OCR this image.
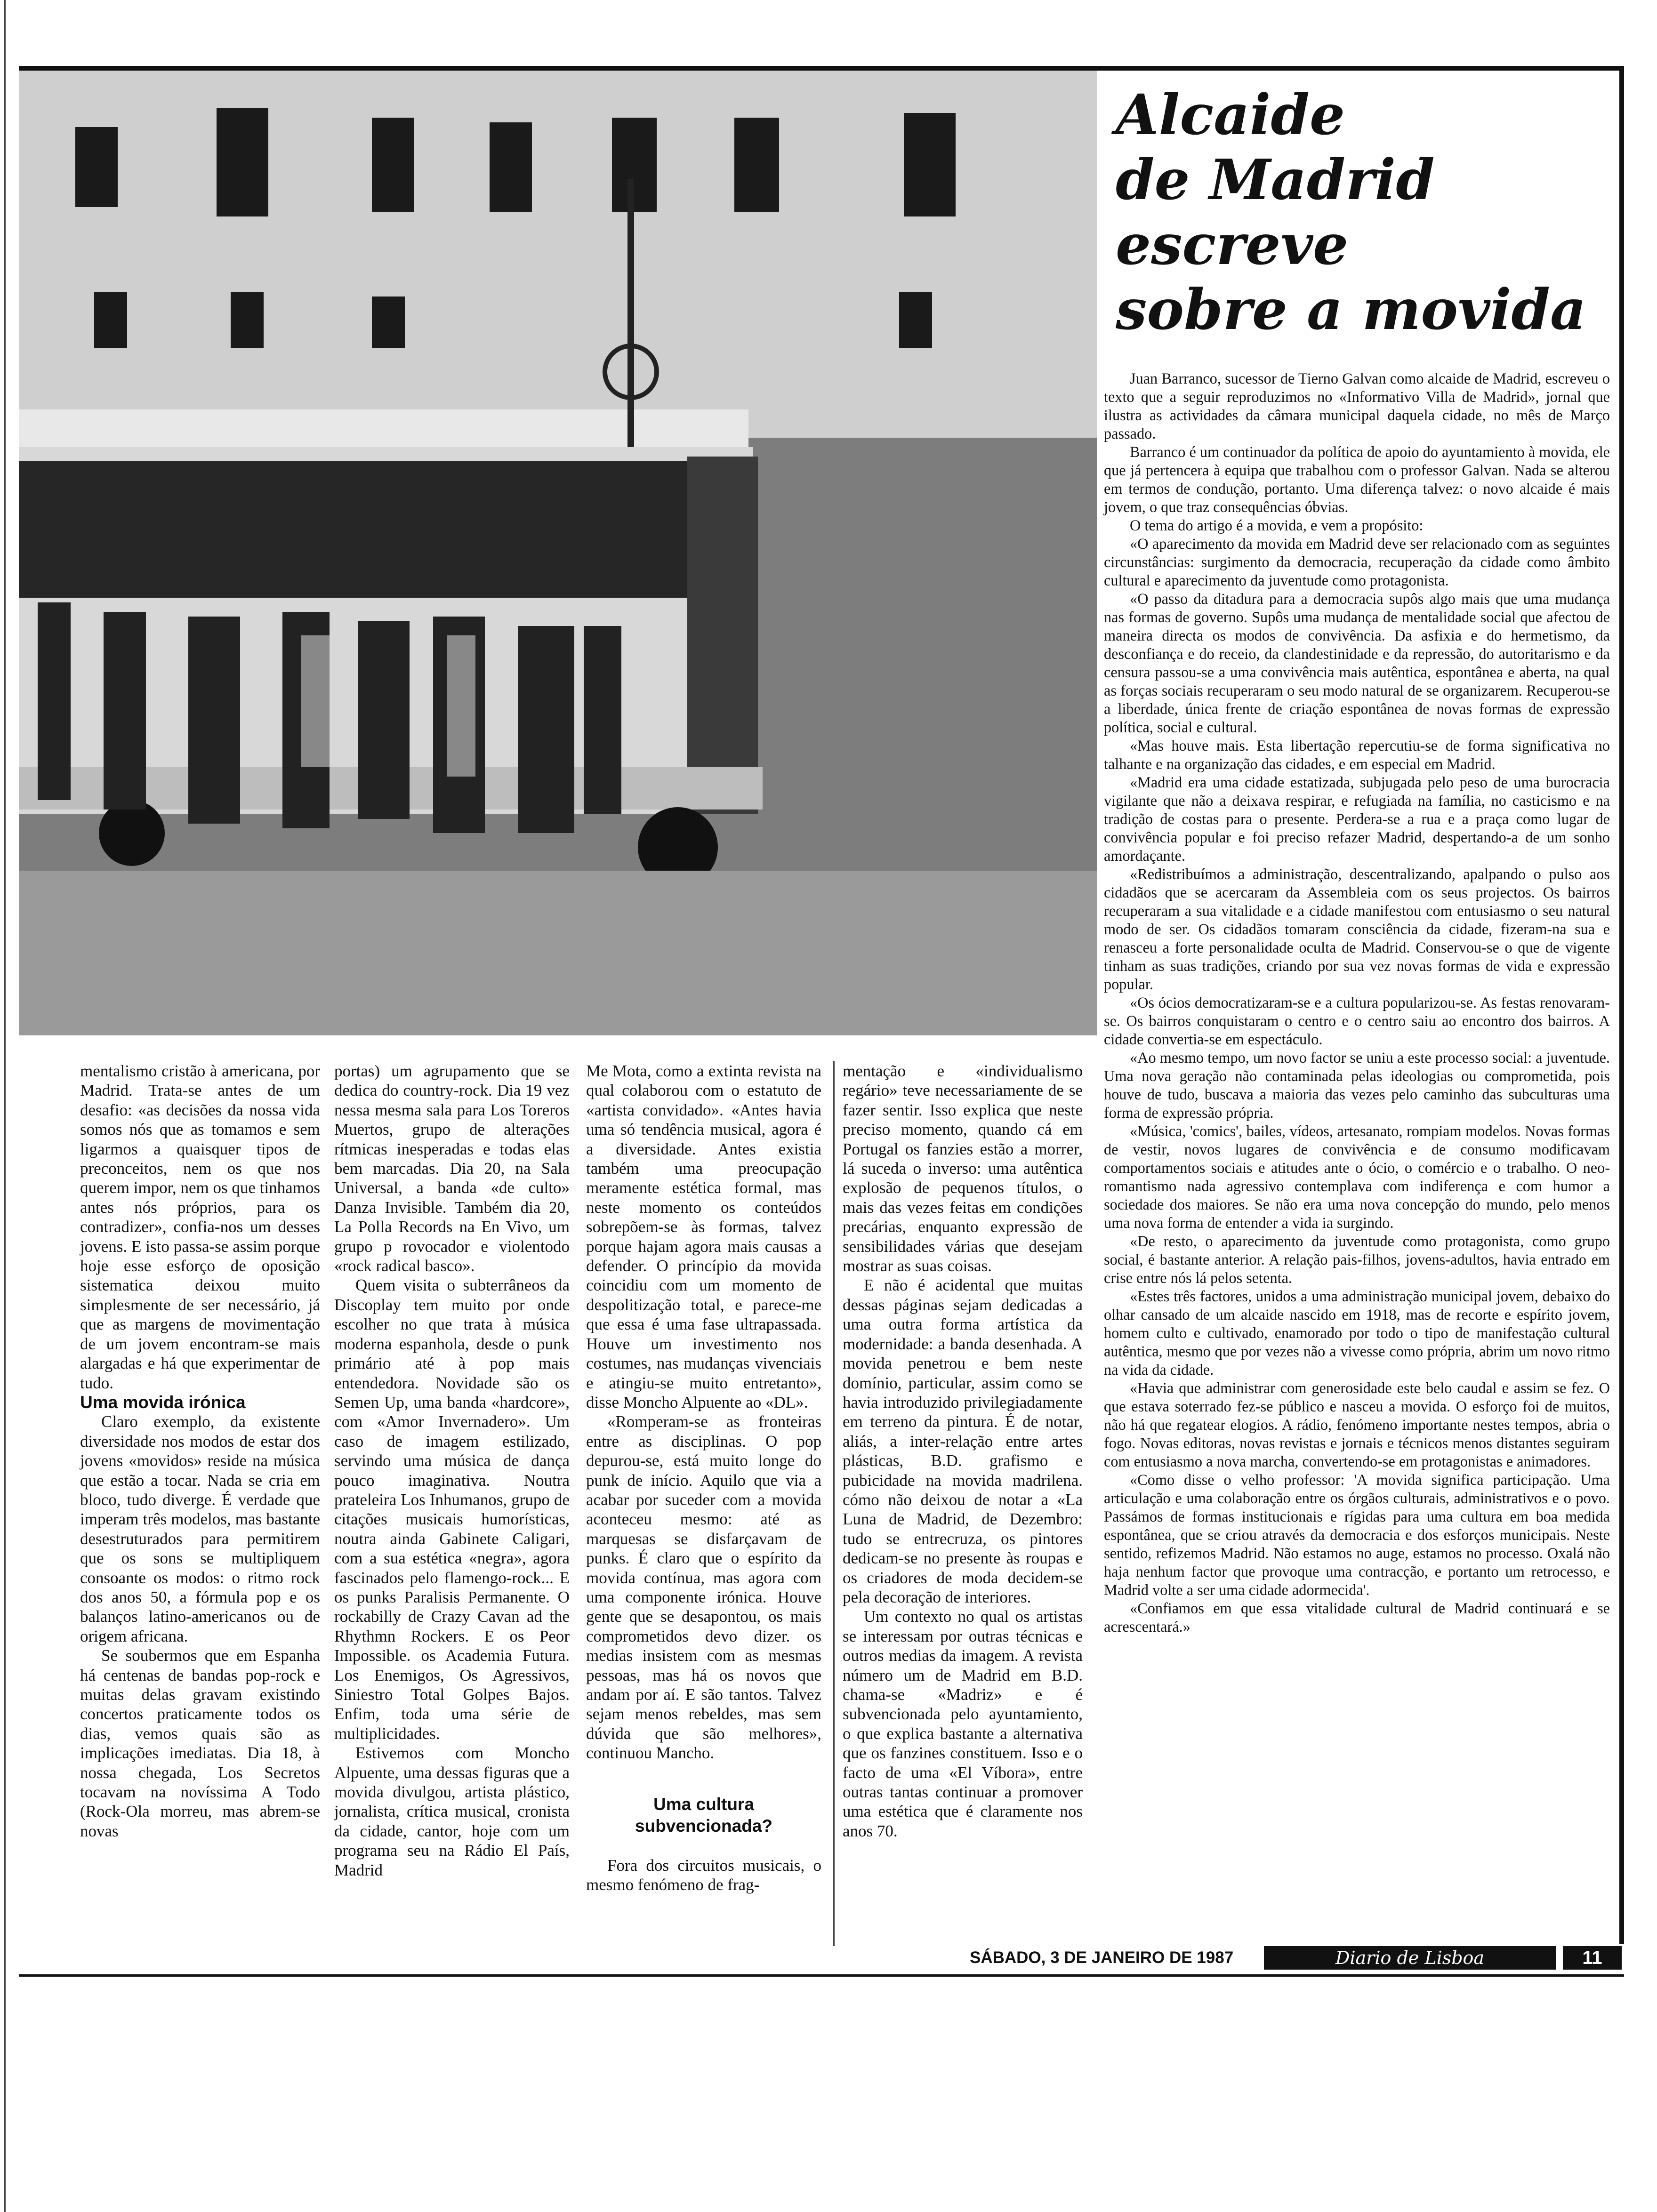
Alcaide
de Madrid
escreve
sobre a movida

Juan Barranco, sucessor de Tierno Galvan como alcaide de Madrid, escreveu o texto que a seguir reproduzimos no «Informativo Villa de Madrid», jornal que ilustra as actividades da câmara municipal daquela cidade, no mês de Março passado.

Barranco é um continuador da política de apoio do ayuntamiento à movida, ele que já pertencera à equipa que trabalhou com o professor Galvan. Nada se alterou em termos de condução, portanto. Uma diferença talvez: o novo alcaide é mais jovem, o que traz consequências óbvias.

O tema do artigo é a movida, e vem a propósito:

«O aparecimento da movida em Madrid deve ser relacionado com as seguintes circunstâncias: surgimento da democracia, recuperação da cidade como âmbito cultural e aparecimento da juventude como protagonista.

«O passo da ditadura para a democracia supôs algo mais que uma mudança nas formas de governo. Supôs uma mudança de mentalidade social que afectou de maneira directa os modos de convivência. Da asfixia e do hermetismo, da desconfiança e do receio, da clandestinidade e da repressão, do autoritarismo e da censura passou-se a uma convivência mais autêntica, espontânea e aberta, na qual as forças sociais recuperaram o seu modo natural de se organizarem. Recuperou-se a liberdade, única frente de criação espontânea de novas formas de expressão política, social e cultural.

«Mas houve mais. Esta libertação repercutiu-se de forma significativa no talhante e na organização das cidades, e em especial em Madrid.

«Madrid era uma cidade estatizada, subjugada pelo peso de uma burocracia vigilante que não a deixava respirar, e refugiada na família, no casticismo e na tradição de costas para o presente. Perdera-se a rua e a praça como lugar de convivência popular e foi preciso refazer Madrid, despertando-a de um sonho amordaçante.

«Redistribuímos a administração, descentralizando, apalpando o pulso aos cidadãos que se acercaram da Assembleia com os seus projectos. Os bairros recuperaram a sua vitalidade e a cidade manifestou com entusiasmo o seu natural modo de ser. Os cidadãos tomaram consciência da cidade, fizeram-na sua e renasceu a forte personalidade oculta de Madrid. Conservou-se o que de vigente tinham as suas tradições, criando por sua vez novas formas de vida e expressão popular.

«Os ócios democratizaram-se e a cultura popularizou-se. As festas renovaram-se. Os bairros conquistaram o centro e o centro saiu ao encontro dos bairros. A cidade convertia-se em espectáculo.

«Ao mesmo tempo, um novo factor se uniu a este processo social: a juventude. Uma nova geração não contaminada pelas ideologias ou comprometida, pois houve de tudo, buscava a maioria das vezes pelo caminho das subculturas uma forma de expressão própria.

«Música, 'comics', bailes, vídeos, artesanato, rompiam modelos. Novas formas de vestir, novos lugares de convivência e de consumo modificavam comportamentos sociais e atitudes ante o ócio, o comércio e o trabalho. O neo-romantismo nada agressivo contemplava com indiferença e com humor a sociedade dos maiores. Se não era uma nova concepção do mundo, pelo menos uma nova forma de entender a vida ia surgindo.

«De resto, o aparecimento da juventude como protagonista, como grupo social, é bastante anterior. A relação pais-filhos, jovens-adultos, havia entrado em crise entre nós lá pelos setenta.

«Estes três factores, unidos a uma administração municipal jovem, debaixo do olhar cansado de um alcaide nascido em 1918, mas de recorte e espírito jovem, homem culto e cultivado, enamorado por todo o tipo de manifestação cultural autêntica, mesmo que por vezes não a vivesse como própria, abrim um novo ritmo na vida da cidade.

«Havia que administrar com generosidade este belo caudal e assim se fez. O que estava soterrado fez-se público e nasceu a movida. O esforço foi de muitos, não há que regatear elogios. A rádio, fenómeno importante nestes tempos, abria o fogo. Novas editoras, novas revistas e jornais e técnicos menos distantes seguiram com entusiasmo a nova marcha, convertendo-se em protagonistas e animadores.

«Como disse o velho professor: 'A movida significa participação. Uma articulação e uma colaboração entre os órgãos culturais, administrativos e o povo. Passámos de formas institucionais e rígidas para uma cultura em boa medida espontânea, que se criou através da democracia e dos esforços municipais. Neste sentido, refizemos Madrid. Não estamos no auge, estamos no processo. Oxalá não haja nenhum factor que provoque uma contracção, e portanto um retrocesso, e Madrid volte a ser uma cidade adormecida'.

«Confiamos em que essa vitalidade cultural de Madrid continuará e se acrescentará.»

mentalismo cristão à americana, por Madrid. Trata-se antes de um desafio: «as decisões da nossa vida somos nós que as tomamos e sem ligarmos a quaisquer tipos de preconceitos, nem os que nos querem impor, nem os que tinhamos antes nós próprios, para os contradizer», confia-nos um desses jovens. E isto passa-se assim porque hoje esse esforço de oposição sistematica deixou muito simplesmente de ser necessário, já que as margens de movimentação de um jovem encontram-se mais alargadas e há que experimentar de tudo.

Uma movida irónica

Claro exemplo, da existente diversidade nos modos de estar dos jovens «movidos» reside na música que estão a tocar. Nada se cria em bloco, tudo diverge. É verdade que imperam três modelos, mas bastante desestruturados para permitirem que os sons se multipliquem consoante os modos: o ritmo rock dos anos 50, a fórmula pop e os balanços latino-americanos ou de origem africana.

Se soubermos que em Espanha há centenas de bandas pop-rock e muitas delas gravam existindo concertos praticamente todos os dias, vemos quais são as implicações imediatas. Dia 18, à nossa chegada, Los Secretos tocavam na novíssima A Todo (Rock-Ola morreu, mas abrem-se novas

portas) um agrupamento que se dedica do country-rock. Dia 19 vez nessa mesma sala para Los Toreros Muertos, grupo de alterações rítmicas inesperadas e todas elas bem marcadas. Dia 20, na Sala Universal, a banda «de culto» Danza Invisible. Também dia 20, La Polla Records na En Vivo, um grupo p rovocador e violentodo «rock radical basco».

Quem visita o subterrâneos da Discoplay tem muito por onde escolher no que trata à música moderna espanhola, desde o punk primário até à pop mais entendedora. Novidade são os Semen Up, uma banda «hardcore», com «Amor Invernadero». Um caso de imagem estilizado, servindo uma música de dança pouco imaginativa. Noutra prateleira Los Inhumanos, grupo de citações musicais humorísticas, noutra ainda Gabinete Caligari, com a sua estética «negra», agora fascinados pelo flamengo-rock... E os punks Paralisis Permanente. O rockabilly de Crazy Cavan ad the Rhythmn Rockers. E os Peor Impossible. os Academia Futura. Los Enemigos, Os Agressivos, Siniestro Total Golpes Bajos. Enfim, toda uma série de multiplicidades.

Estivemos com Moncho Alpuente, uma dessas figuras que a movida divulgou, artista plástico, jornalista, crítica musical, cronista da cidade, cantor, hoje com um programa seu na Rádio El País, Madrid

Me Mota, como a extinta revista na qual colaborou com o estatuto de «artista convidado». «Antes havia uma só tendência musical, agora é a diversidade. Antes existia também uma preocupação meramente estética formal, mas neste momento os conteúdos sobrepõem-se às formas, talvez porque hajam agora mais causas a defender. O princípio da movida coincidiu com um momento de despolitização total, e parece-me que essa é uma fase ultrapassada. Houve um investimento nos costumes, nas mudanças vivenciais e atingiu-se muito entretanto», disse Moncho Alpuente ao «DL».

«Romperam-se as fronteiras entre as disciplinas. O pop depurou-se, está muito longe do punk de início. Aquilo que via a acabar por suceder com a movida aconteceu mesmo: até as marquesas se disfarçavam de punks. É claro que o espírito da movida contínua, mas agora com uma componente irónica. Houve gente que se desapontou, os mais comprometidos devo dizer. os medias insistem com as mesmas pessoas, mas há os novos que andam por aí. E são tantos. Talvez sejam menos rebeldes, mas sem dúvida que são melhores», continuou Mancho.

Uma cultura
subvencionada?

Fora dos circuitos musicais, o mesmo fenómeno de frag-

mentação e «individualismo regário» teve necessariamente de se fazer sentir. Isso explica que neste preciso momento, quando cá em Portugal os fanzies estão a morrer, lá suceda o inverso: uma autêntica explosão de pequenos títulos, o mais das vezes feitas em condições precárias, enquanto expressão de sensibilidades várias que desejam mostrar as suas coisas.

E não é acidental que muitas dessas páginas sejam dedicadas a uma outra forma artística da modernidade: a banda desenhada. A movida penetrou e bem neste domínio, particular, assim como se havia introduzido privilegiadamente em terreno da pintura. É de notar, aliás, a inter-relação entre artes plásticas, B.D. grafismo e pubicidade na movida madrilena. cómo não deixou de notar a «La Luna de Madrid, de Dezembro: tudo se entrecruza, os pintores dedicam-se no presente às roupas e os criadores de moda decidem-se pela decoração de interiores.

Um contexto no qual os artistas se interessam por outras técnicas e outros medias da imagem. A revista número um de Madrid em B.D. chama-se «Madriz» e é subvencionada pelo ayuntamiento, o que explica bastante a alternativa que os fanzines constituem. Isso e o facto de uma «El Víbora», entre outras tantas continuar a promover uma estética que é claramente nos anos 70.

SÁBADO, 3 DE JANEIRO DE 1987	Diario de Lisboa	11
